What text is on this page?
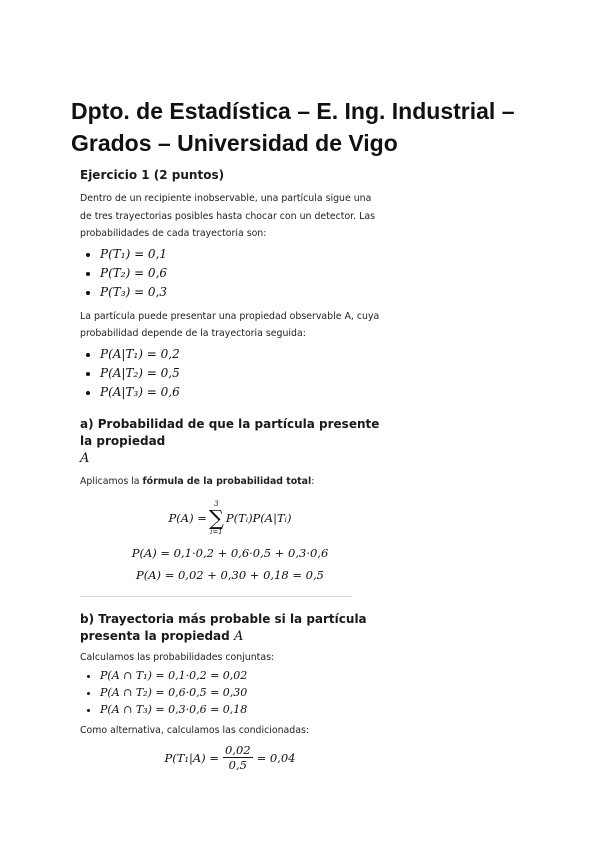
Dpto. de Estadística – E. Ing. Industrial – Grados – Universidad de Vigo

Ejercicio 1 (2 puntos)

Dentro de un recipiente inobservable, una partícula sigue una de tres trayectorias posibles hasta chocar con un detector. Las probabilidades de cada trayectoria son:

• P(T₁) = 0,1
• P(T₂) = 0,6
• P(T₃) = 0,3

La partícula puede presentar una propiedad observable A, cuya probabilidad depende de la trayectoria seguida:

• P(A|T₁) = 0,2
• P(A|T₂) = 0,5
• P(A|T₃) = 0,6

a) Probabilidad de que la partícula presente la propiedad
A

Aplicamos la fórmula de la probabilidad total:

P(A) =
3
∑
i=1
P(Tᵢ)P(A|Tᵢ)
P(A) = 0,1·0,2 + 0,6·0,5 + 0,3·0,6
P(A) = 0,02 + 0,30 + 0,18 = 0,5

b) Trayectoria más probable si la partícula presenta la propiedad A

Calculamos las probabilidades conjuntas:

• P(A ∩ T₁) = 0,1·0,2 = 0,02
• P(A ∩ T₂) = 0,6·0,5 = 0,30
• P(A ∩ T₃) = 0,3·0,6 = 0,18

Como alternativa, calculamos las condicionadas:

$P(T_1|A) = \frac{0,02}{0,5} = 0,04$
